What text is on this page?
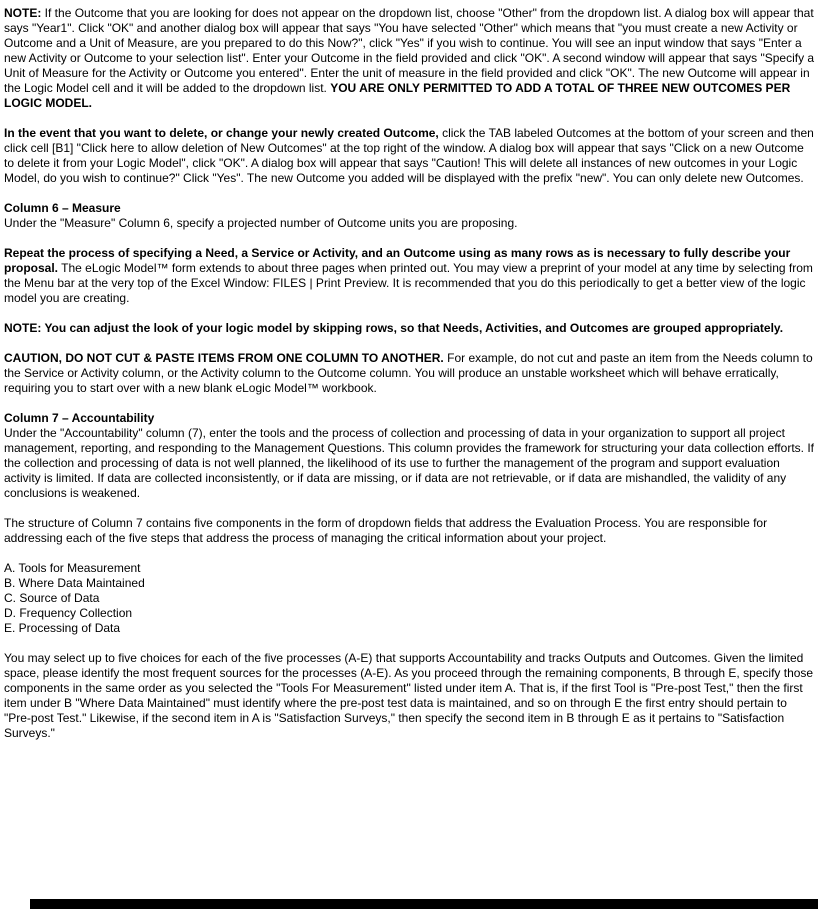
NOTE: If the Outcome that you are looking for does not appear on the dropdown list, choose "Other" from the dropdown list. A dialog box will appear that says "Year1". Click "OK" and another dialog box will appear that says "You have selected "Other" which means that "you must create a new Activity or Outcome and a Unit of Measure, are you prepared to do this Now?", click "Yes" if you wish to continue. You will see an input window that says "Enter a new Activity or Outcome to your selection list". Enter your Outcome in the field provided and click "OK". A second window will appear that says "Specify a Unit of Measure for the Activity or Outcome you entered". Enter the unit of measure in the field provided and click "OK". The new Outcome will appear in the Logic Model cell and it will be added to the dropdown list. YOU ARE ONLY PERMITTED TO ADD A TOTAL OF THREE NEW OUTCOMES PER LOGIC MODEL.

In the event that you want to delete, or change your newly created Outcome, click the TAB labeled Outcomes at the bottom of your screen and then click cell [B1] "Click here to allow deletion of New Outcomes" at the top right of the window. A dialog box will appear that says "Click on a new Outcome to delete it from your Logic Model", click "OK". A dialog box will appear that says "Caution! This will delete all instances of new outcomes in your Logic Model, do you wish to continue?" Click "Yes". The new Outcome you added will be displayed with the prefix "new". You can only delete new Outcomes.

Column 6 – Measure

Under the "Measure" Column 6, specify a projected number of Outcome units you are proposing.

Repeat the process of specifying a Need, a Service or Activity, and an Outcome using as many rows as is necessary to fully describe your proposal. The eLogic Model™ form extends to about three pages when printed out. You may view a preprint of your model at any time by selecting from the Menu bar at the very top of the Excel Window: FILES | Print Preview. It is recommended that you do this periodically to get a better view of the logic model you are creating.

NOTE: You can adjust the look of your logic model by skipping rows, so that Needs, Activities, and Outcomes are grouped appropriately.

CAUTION, DO NOT CUT & PASTE ITEMS FROM ONE COLUMN TO ANOTHER. For example, do not cut and paste an item from the Needs column to the Service or Activity column, or the Activity column to the Outcome column. You will produce an unstable worksheet which will behave erratically, requiring you to start over with a new blank eLogic Model™ workbook.

Column 7 – Accountability

Under the "Accountability" column (7), enter the tools and the process of collection and processing of data in your organization to support all project management, reporting, and responding to the Management Questions. This column provides the framework for structuring your data collection efforts. If the collection and processing of data is not well planned, the likelihood of its use to further the management of the program and support evaluation activity is limited. If data are collected inconsistently, or if data are missing, or if data are not retrievable, or if data are mishandled, the validity of any conclusions is weakened.

The structure of Column 7 contains five components in the form of dropdown fields that address the Evaluation Process. You are responsible for addressing each of the five steps that address the process of managing the critical information about your project.

A. Tools for Measurement

B. Where Data Maintained

C. Source of Data

D. Frequency Collection

E. Processing of Data

You may select up to five choices for each of the five processes (A-E) that supports Accountability and tracks Outputs and Outcomes. Given the limited space, please identify the most frequent sources for the processes (A-E). As you proceed through the remaining components, B through E, specify those components in the same order as you selected the "Tools For Measurement" listed under item A. That is, if the first Tool is "Pre-post Test," then the first item under B "Where Data Maintained" must identify where the pre-post test data is maintained, and so on through E the first entry should pertain to "Pre-post Test." Likewise, if the second item in A is "Satisfaction Surveys," then specify the second item in B through E as it pertains to "Satisfaction Surveys."
